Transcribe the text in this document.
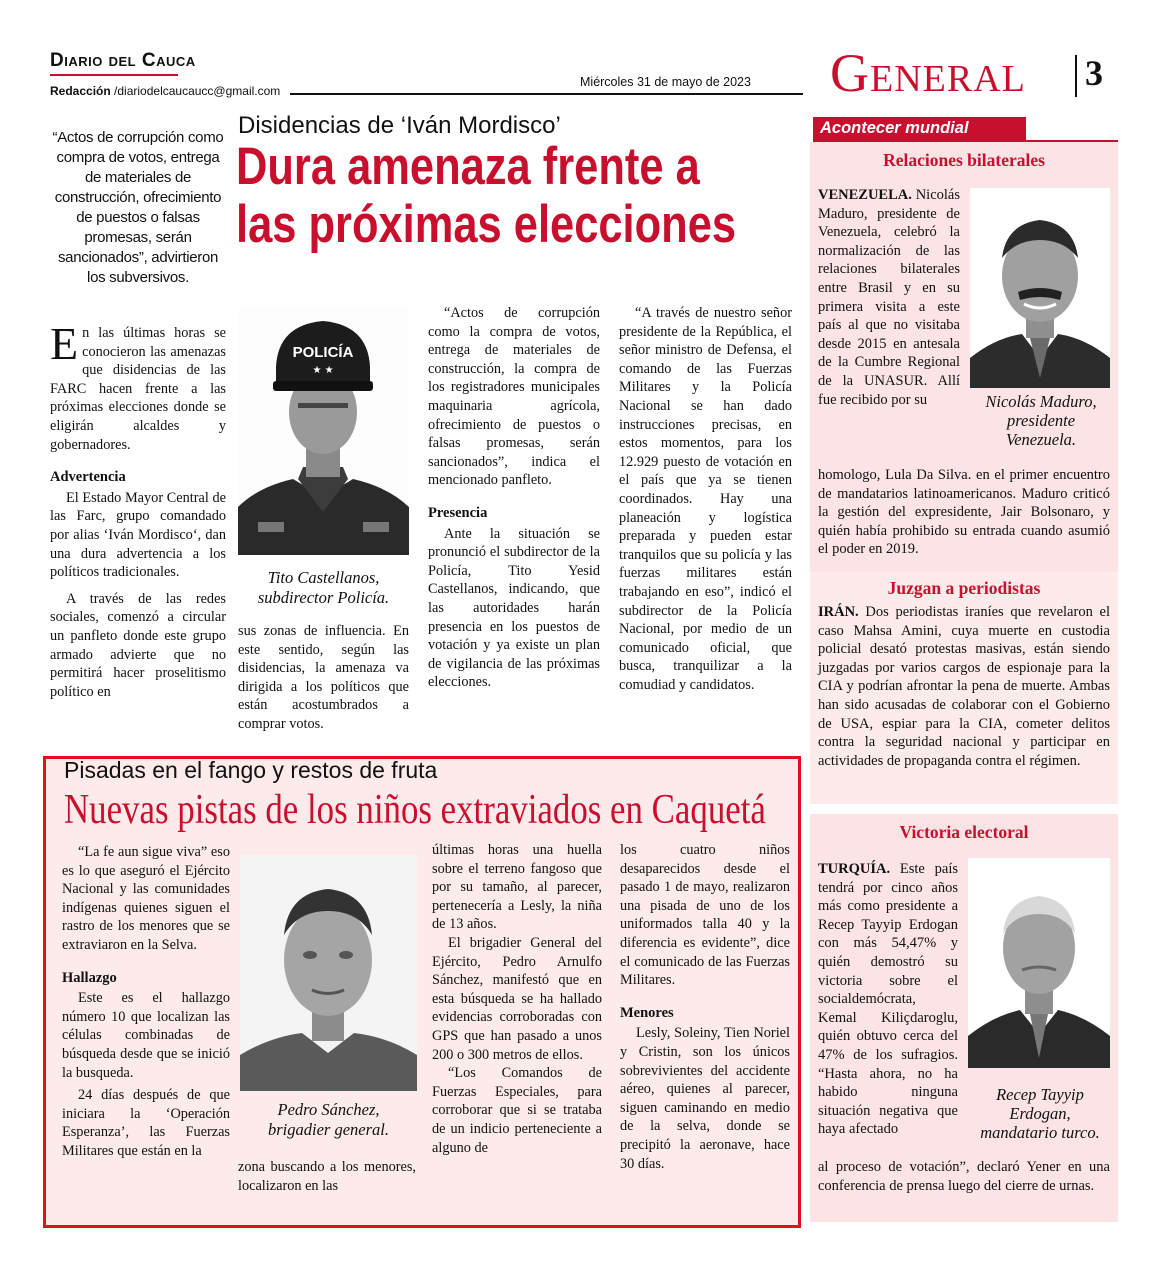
Diario del Cauca
Redacción /diariodelcaucaucc@gmail.com
Miércoles 31 de mayo de 2023 General 3
Disidencias de ‘Iván Mordisco’
Dura amenaza frente a
las próximas elecciones
“Actos de corrupción como compra de votos, entrega de materiales de construcción, ofrecimiento de puestos o falsas promesas, serán sancionados”, advirtieron los subversivos.

En las últimas horas se conocieron las amenazas que disidencias de las FARC hacen frente a las próximas elecciones donde se eligirán alcaldes y gobernadores.

Advertencia

El Estado Mayor Central de las Farc, grupo comandado por alias ‘Iván Mordisco‘, dan una dura advertencia a los políticos tradicionales.

A través de las redes sociales, comenzó a circular un panfleto donde este grupo armado advierte que no permitirá hacer proselitismo político en

POLICÍA
★ ★
Tito Castellanos,
subdirector Policía.
sus zonas de influencia. En este sentido, según las disidencias, la amenaza va dirigida a los políticos que están acostumbrados a comprar votos.

“Actos de corrupción como la compra de votos, entrega de materiales de construcción, la compra de los registradores municipales maquinaria agrícola, ofrecimiento de puestos o falsas promesas, serán sancionados”, indica el mencionado panfleto.

Presencia

Ante la situación se pronunció el subdirector de la Policía, Tito Yesid Castellanos, indicando, que las autoridades harán presencia en los puestos de votación y ya existe un plan de vigilancia de las próximas elecciones.

“A través de nuestro señor presidente de la República, el señor ministro de Defensa, el comando de las Fuerzas Militares y la Policía Nacional se han dado instrucciones precisas, en estos momentos, para los 12.929 puesto de votación en el país que ya se tienen coordinados. Hay una planeación y logística preparada y pueden estar tranquilos que su policía y las fuerzas militares están trabajando en eso”, indicó el subdirector de la Policía Nacional, por medio de un comunicado oficial, que busca, tranquilizar a la comudiad y candidatos.

Pisadas en el fango y restos de fruta
Nuevas pistas de los niños extraviados en Caquetá

“La fe aun sigue viva” eso es lo que aseguró el Ejército Nacional y las comunidades indígenas quienes siguen el rastro de los menores que se extraviaron en la Selva.

Hallazgo

Este es el hallazgo número 10 que localizan las células combinadas de búsqueda desde que se inició la busqueda.

24 días después de que iniciara la ‘Operación Esperanza’, las Fuerzas Militares que están en la

Pedro Sánchez,
brigadier general.
zona buscando a los menores, localizaron en las

últimas horas una huella sobre el terreno fangoso que por su tamaño, al parecer, pertenecería a Lesly, la niña de 13 años.

El brigadier General del Ejército, Pedro Arnulfo Sánchez, manifestó que en esta búsqueda se ha hallado evidencias corroboradas con GPS que han pasado a unos 200 o 300 metros de ellos.

“Los Comandos de Fuerzas Especiales, para corroborar que si se trataba de un indicio perteneciente a alguno de

los cuatro niños desaparecidos desde el pasado 1 de mayo, realizaron una pisada de uno de los uniformados talla 40 y la diferencia es evidente”, dice el comunicado de las Fuerzas Militares.

Menores

Lesly, Soleiny, Tien Noriel y Cristin, son los únicos sobrevivientes del accidente aéreo, quienes al parecer, siguen caminando en medio de la selva, donde se precipitó la aeronave, hace 30 días.

Acontecer mundial
Relaciones bilaterales
VENEZUELA. Nicolás Maduro, presidente de Venezuela, celebró la normalización de las relaciones bilaterales entre Brasil y en su primera visita a este país al que no visitaba desde 2015 en antesala de la Cumbre Regional de la UNASUR. Allí fue recibido por su	Nicolás Maduro,
presidente
Venezuela.
homologo, Lula Da Silva. en el primer encuentro de mandatarios latinoamericanos. Maduro criticó la gestión del expresidente, Jair Bolsonaro, y quién había prohibido su entrada cuando asumió el poder en 2019.
Juzgan a periodistas
IRÁN. Dos periodistas iraníes que revelaron el caso Mahsa Amini, cuya muerte en custodia policial desató protestas masivas, están siendo juzgadas por varios cargos de espionaje para la CIA y podrían afrontar la pena de muerte. Ambas han sido acusadas de colaborar con el Gobierno de USA, espiar para la CIA, cometer delitos contra la seguridad nacional y participar en actividades de propaganda contra el régimen.
Victoria electoral
TURQUÍA. Este país tendrá por cinco años más como presidente a Recep Tayyip Erdogan con más 54,47% y quién demostró su victoria sobre el socialdemócrata, Kemal Kiliçdaroglu, quién obtuvo cerca del 47% de los sufragios. “Hasta ahora, no ha habido ninguna situación negativa que haya afectado
Recep Tayyip
Erdogan,
mandatario turco.
al proceso de votación”, declaró Yener en una conferencia de prensa luego del cierre de urnas.
